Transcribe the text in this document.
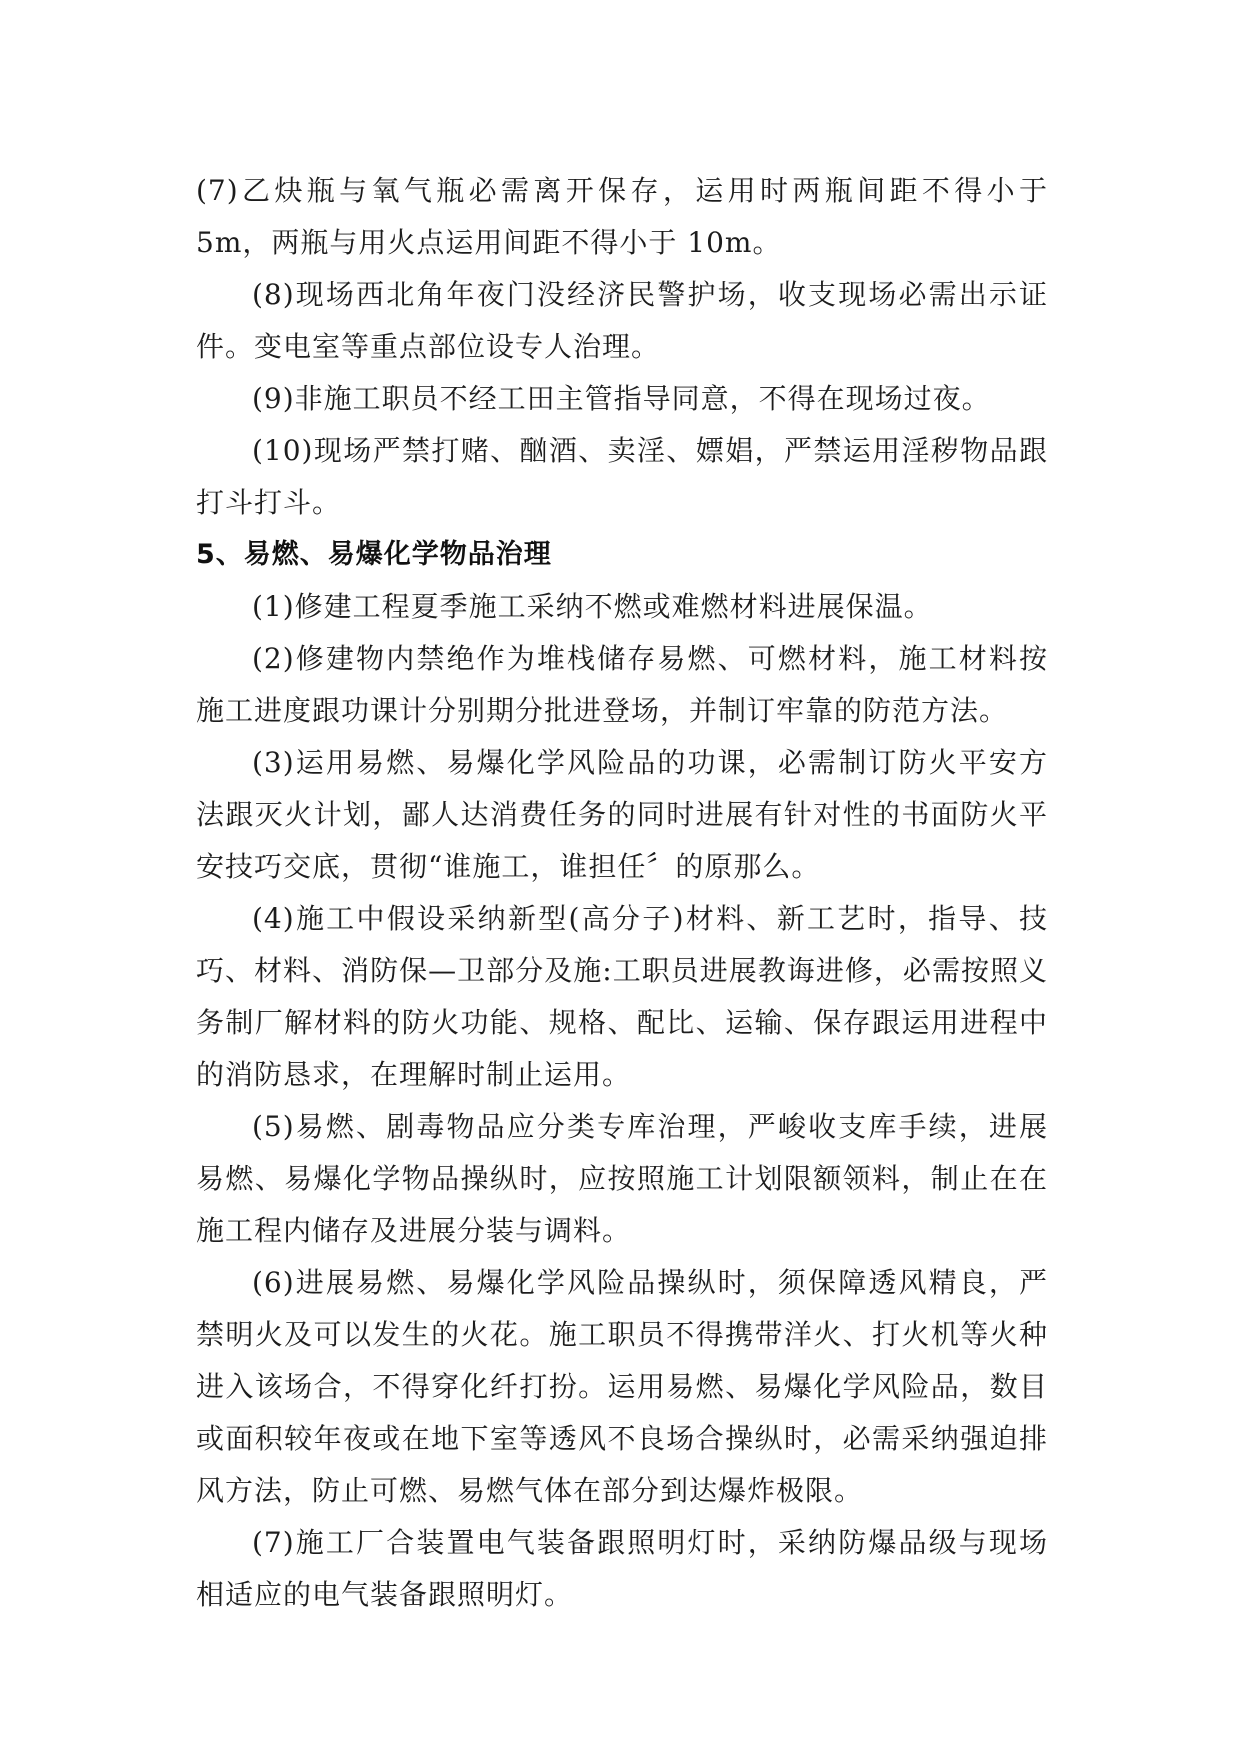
(7)乙炔瓶与氧气瓶必需离开保存，运用时两瓶间距不得小于 5m，两瓶与用火点运用间距不得小于 10m。

(8)现场西北角年夜门没经济民警护场，收支现场必需出示证件。变电室等重点部位设专人治理。

(9)非施工职员不经工田主管指导同意，不得在现场过夜。

(10)现场严禁打赌、酗酒、卖淫、嫖娼，严禁运用淫秽物品跟打斗打斗。

5、易燃、易爆化学物品治理

(1)修建工程夏季施工采纳不燃或难燃材料进展保温。

(2)修建物内禁绝作为堆栈储存易燃、可燃材料，施工材料按施工进度跟功课计分别期分批进登场，并制订牢靠的防范方法。

(3)运用易燃、易爆化学风险品的功课，必需制订防火平安方法跟灭火计划，鄙人达消费任务的同时进展有针对性的书面防火平安技巧交底，贯彻“谁施工，谁担任〞的原那么。

(4)施工中假设采纳新型(高分子)材料、新工艺时，指导、技巧、材料、消防保—卫部分及施:工职员进展教诲进修，必需按照义务制厂解材料的防火功能、规格、配比、运输、保存跟运用进程中的消防恳求，在理解时制止运用。

(5)易燃、剧毒物品应分类专库治理，严峻收支库手续，进展易燃、易爆化学物品操纵时，应按照施工计划限额领料，制止在在施工程内储存及进展分装与调料。

(6)进展易燃、易爆化学风险品操纵时，须保障透风精良，严禁明火及可以发生的火花。施工职员不得携带洋火、打火机等火种进入该场合，不得穿化纤打扮。运用易燃、易爆化学风险品，数目或面积较年夜或在地下室等透风不良场合操纵时，必需采纳强迫排风方法，防止可燃、易燃气体在部分到达爆炸极限。

(7)施工厂合装置电气装备跟照明灯时，采纳防爆品级与现场相适应的电气装备跟照明灯。
